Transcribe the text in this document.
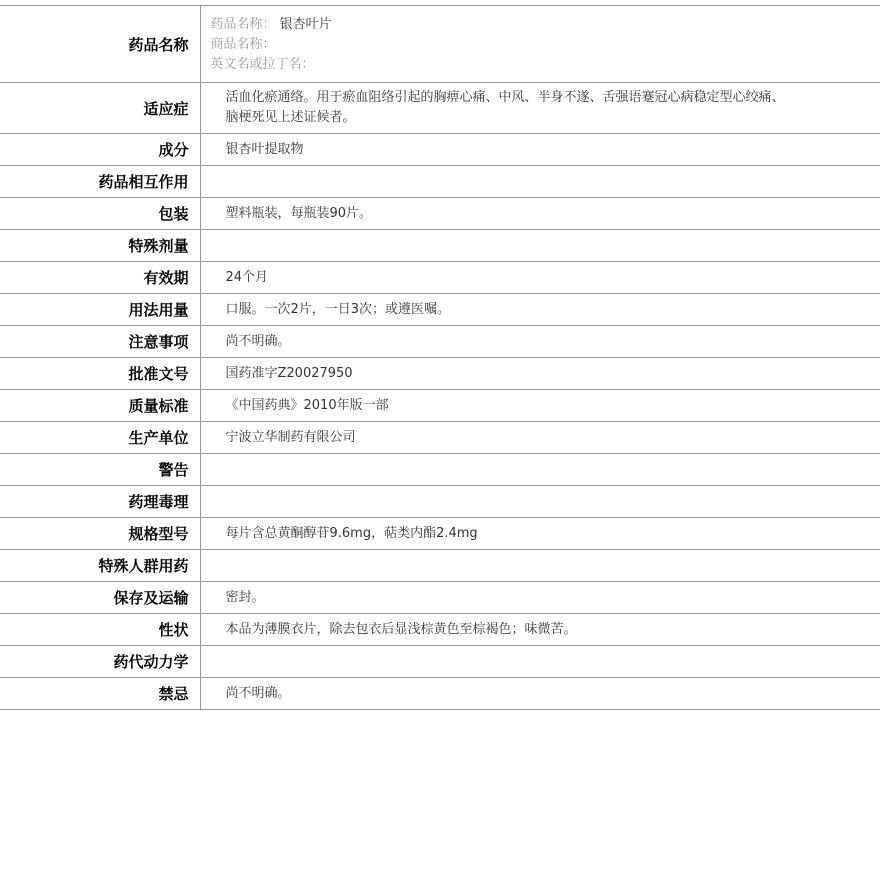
药品名称	药品名称： 银杏叶片
商品名称：
英文名或拉丁名：

适应症	活血化瘀通络。用于瘀血阻络引起的胸痹心痛、中风、半身不遂、舌强语蹇冠心病稳定型心绞痛、脑梗死见上述证候者。
成分	银杏叶提取物
药品相互作用	
包装	塑料瓶装，每瓶装90片。
特殊剂量	
有效期	24个月
用法用量	口服。一次2片，一日3次；或遵医嘱。
注意事项	尚不明确。
批准文号	国药准字Z20027950
质量标准	《中国药典》2010年版一部
生产单位	宁波立华制药有限公司
警告	
药理毒理	
规格型号	每片含总黄酮醇苷9.6mg，萜类内酯2.4mg
特殊人群用药	
保存及运输	密封。
性状	本品为薄膜衣片，除去包衣后显浅棕黄色至棕褐色；味微苦。
药代动力学	
禁忌	尚不明确。
